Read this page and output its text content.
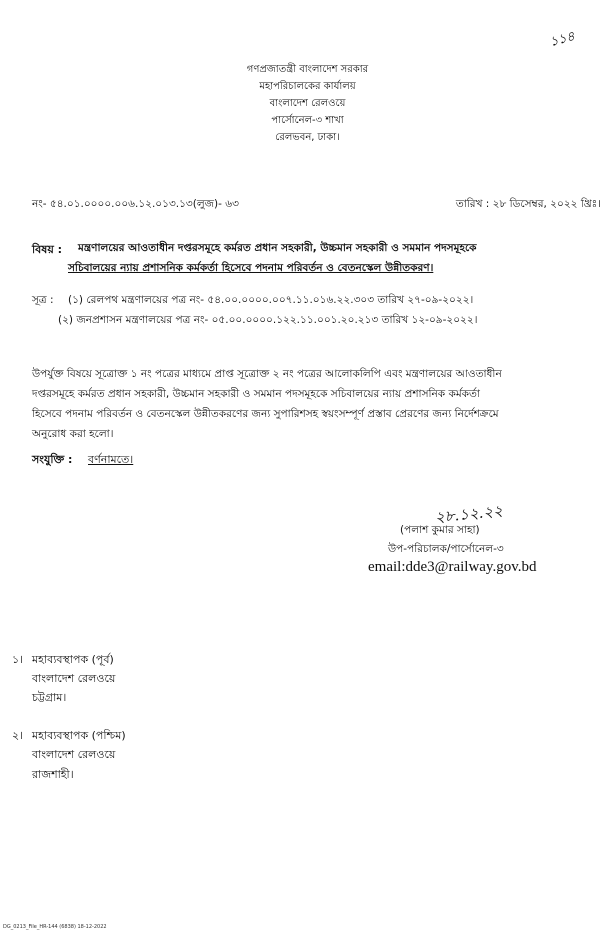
১১৪
গণপ্রজাতন্ত্রী বাংলাদেশ সরকার
মহাপরিচালকের কার্যালয়
বাংলাদেশ রেলওয়ে
পার্সোনেল-৩ শাখা
রেলভবন, ঢাকা।
নং- ৫৪.০১.০০০০.০০৬.১২.০১৩.১৩(লুজ)- ৬৩	তারিখ : ২৮ ডিসেম্বর, ২০২২ খ্রিঃ।
বিষয় : মন্ত্রণালয়ের আওতাধীন দপ্তরসমূহে কর্মরত প্রধান সহকারী, উচ্চমান সহকারী ও সমমান পদসমূহকে
সচিবালয়ের ন্যায় প্রশাসনিক কর্মকর্তা হিসেবে পদনাম পরিবর্তন ও বেতনস্কেল উন্নীতকরণ।
সূত্র : (১) রেলপথ মন্ত্রণালয়ের পত্র নং- ৫৪.০০.০০০০.০০৭.১১.০১৬.২২.৩০৩ তারিখ ২৭-০৯-২০২২।
(২) জনপ্রশাসন মন্ত্রণালয়ের পত্র নং- ০৫.০০.০০০০.১২২.১১.০০১.২০.২১৩ তারিখ ১২-০৯-২০২২।
উপর্যুক্ত বিষয়ে সূত্রোক্ত ১ নং পত্রের মাধ্যমে প্রাপ্ত সূত্রোক্ত ২ নং পত্রের আলোকলিপি এবং মন্ত্রণালয়ের আওতাধীন
দপ্তরসমূহে কর্মরত প্রধান সহকারী, উচ্চমান সহকারী ও সমমান পদসমূহকে সচিবালয়ের ন্যায় প্রশাসনিক কর্মকর্তা
হিসেবে পদনাম পরিবর্তন ও বেতনস্কেল উন্নীতকরণের জন্য সুপারিশসহ স্বয়ংসম্পূর্ণ প্রস্তাব প্রেরণের জন্য নির্দেশক্রমে
অনুরোধ করা হলো।
সংযুক্তি : বর্ণনামতে।
২৮.১২.২২
(পলাশ কুমার সাহা)
উপ-পরিচালক/পার্সোনেল-৩
email:dde3@railway.gov.bd
১। মহাব্যবস্থাপক (পূর্ব)
বাংলাদেশ রেলওয়ে
চট্টগ্রাম।
২। মহাব্যবস্থাপক (পশ্চিম)
বাংলাদেশ রেলওয়ে
রাজশাহী।
DG_0213_File_HR-144 (6838) 18-12-2022
